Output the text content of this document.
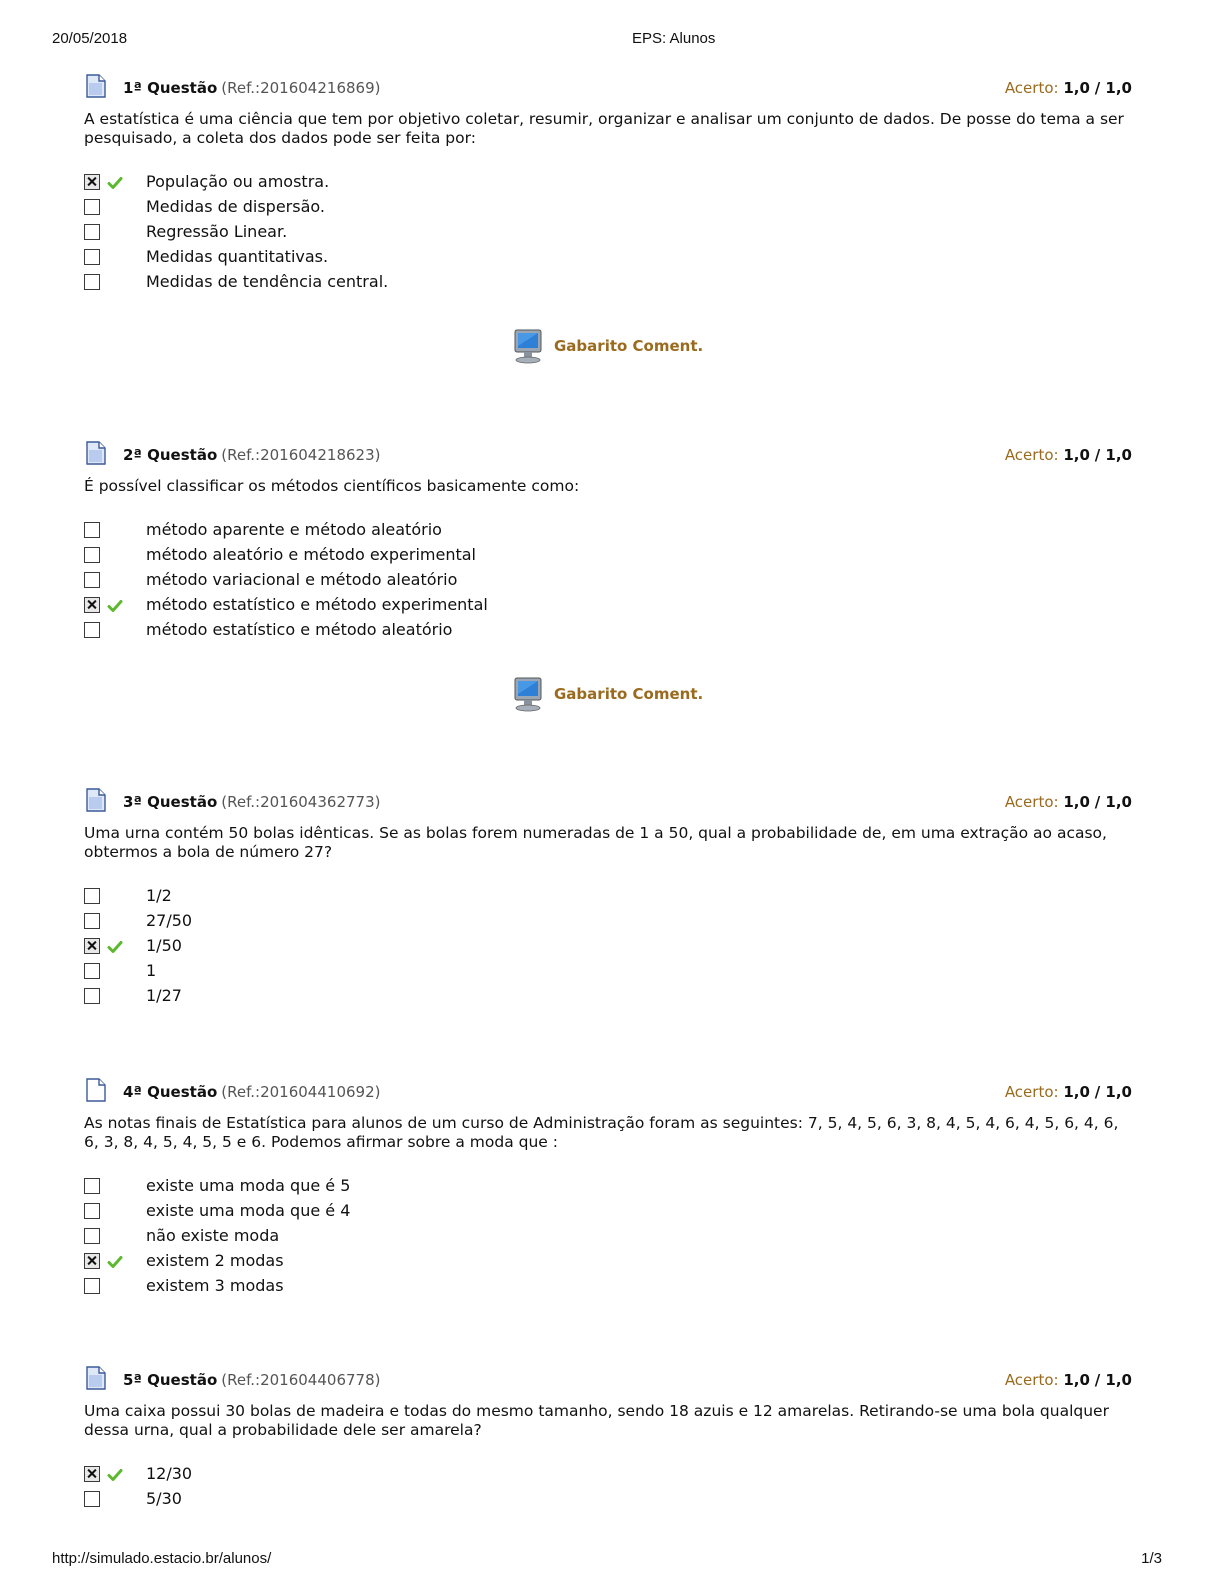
20/05/2018	EPS: Alunos
1ª Questão (Ref.:201604216869)	Acerto: 1,0 / 1,0
A estatística é uma ciência que tem por objetivo coletar, resumir, organizar e analisar um conjunto de dados. De posse do tema a ser pesquisado, a coleta dos dados pode ser feita por:
População ou amostra.
Medidas de dispersão.
Regressão Linear.
Medidas quantitativas.
Medidas de tendência central.
Gabarito Coment.
2ª Questão (Ref.:201604218623)	Acerto: 1,0 / 1,0
É possível classificar os métodos científicos basicamente como:
método aparente e método aleatório
método aleatório e método experimental
método variacional e método aleatório
método estatístico e método experimental
método estatístico e método aleatório
Gabarito Coment.
3ª Questão (Ref.:201604362773)	Acerto: 1,0 / 1,0
Uma urna contém 50 bolas idênticas. Se as bolas forem numeradas de 1 a 50, qual a probabilidade de, em uma extração ao acaso, obtermos a bola de número 27?
1/2
27/50
1/50
1
1/27
4ª Questão (Ref.:201604410692)	Acerto: 1,0 / 1,0
As notas finais de Estatística para alunos de um curso de Administração foram as seguintes: 7, 5, 4, 5, 6, 3, 8, 4, 5, 4, 6, 4, 5, 6, 4, 6, 6, 3, 8, 4, 5, 4, 5, 5 e 6. Podemos afirmar sobre a moda que :
existe uma moda que é 5
existe uma moda que é 4
não existe moda
existem 2 modas
existem 3 modas
5ª Questão (Ref.:201604406778)	Acerto: 1,0 / 1,0
Uma caixa possui 30 bolas de madeira e todas do mesmo tamanho, sendo 18 azuis e 12 amarelas. Retirando-se uma bola qualquer dessa urna, qual a probabilidade dele ser amarela?
12/30
5/30
http://simulado.estacio.br/alunos/	1/3
